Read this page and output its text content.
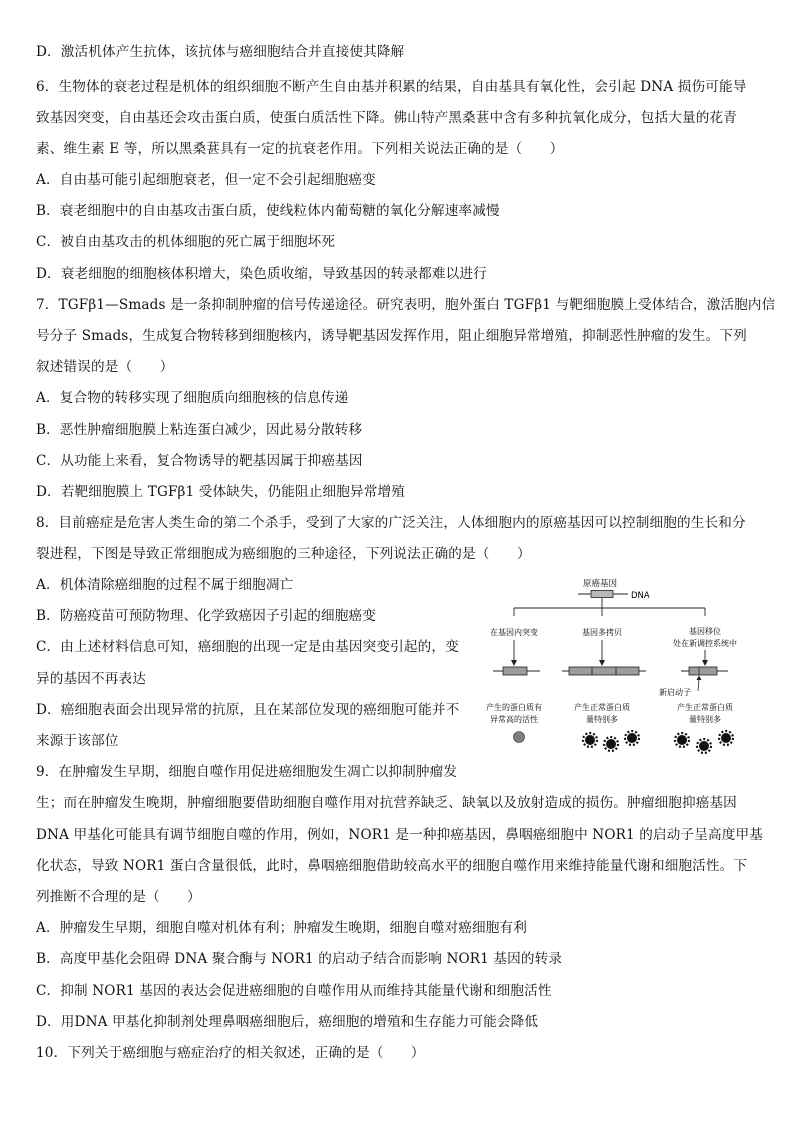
D．激活机体产生抗体，该抗体与癌细胞结合并直接使其降解
6．生物体的衰老过程是机体的组织细胞不断产生自由基并积累的结果，自由基具有氧化性，会引起 DNA 损伤可能导
致基因突变，自由基还会攻击蛋白质，使蛋白质活性下降。佛山特产黑桑葚中含有多种抗氧化成分，包括大量的花青
素、维生素 E 等，所以黑桑葚具有一定的抗衰老作用。下列相关说法正确的是（　　）
A．自由基可能引起细胞衰老，但一定不会引起细胞癌变
B．衰老细胞中的自由基攻击蛋白质，使线粒体内葡萄糖的氧化分解速率减慢
C．被自由基攻击的机体细胞的死亡属于细胞坏死
D．衰老细胞的细胞核体积增大，染色质收缩，导致基因的转录都难以进行
7．TGFβ1—Smads 是一条抑制肿瘤的信号传递途径。研究表明，胞外蛋白 TGFβ1 与靶细胞膜上受体结合，激活胞内信
号分子 Smads，生成复合物转移到细胞核内，诱导靶基因发挥作用，阻止细胞异常增殖，抑制恶性肿瘤的发生。下列
叙述错误的是（　　）
A．复合物的转移实现了细胞质向细胞核的信息传递
B．恶性肿瘤细胞膜上粘连蛋白减少，因此易分散转移
C．从功能上来看，复合物诱导的靶基因属于抑癌基因
D．若靶细胞膜上 TGFβ1 受体缺失，仍能阻止细胞异常增殖
8．目前癌症是危害人类生命的第二个杀手，受到了大家的广泛关注，人体细胞内的原癌基因可以控制细胞的生长和分
裂进程，下图是导致正常细胞成为癌细胞的三种途径，下列说法正确的是（　　）
A．机体清除癌细胞的过程不属于细胞凋亡
B．防癌疫苗可预防物理、化学致癌因子引起的细胞癌变
C．由上述材料信息可知，癌细胞的出现一定是由基因突变引起的，变
异的基因不再表达
D．癌细胞表面会出现异常的抗原，且在某部位发现的癌细胞可能并不
来源于该部位
9．在肿瘤发生早期，细胞自噬作用促进癌细胞发生凋亡以抑制肿瘤发
生；而在肿瘤发生晚期，肿瘤细胞要借助细胞自噬作用对抗营养缺乏、缺氧以及放射造成的损伤。肿瘤细胞抑癌基因
DNA 甲基化可能具有调节细胞自噬的作用，例如，NOR1 是一种抑癌基因，鼻咽癌细胞中 NOR1 的启动子呈高度甲基
化状态，导致 NOR1 蛋白含量很低，此时，鼻咽癌细胞借助较高水平的细胞自噬作用来维持能量代谢和细胞活性。下
列推断不合理的是（　　）
A．肿瘤发生早期，细胞自噬对机体有利；肿瘤发生晚期，细胞自噬对癌细胞有利
B．高度甲基化会阻碍 DNA 聚合酶与 NOR1 的启动子结合而影响 NOR1 基因的转录
C．抑制 NOR1 基因的表达会促进癌细胞的自噬作用从而维持其能量代谢和细胞活性
D．用DNA 甲基化抑制剂处理鼻咽癌细胞后，癌细胞的增殖和生存能力可能会降低
10．下列关于癌细胞与癌症治疗的相关叙述，正确的是（　　）
原癌基因
DNA
在基因内突变	基因多拷贝	基因移位
处在新调控系统中
新启动子
产生的蛋白质有
异常高的活性
产生正常蛋白质
量特别多
产生正常蛋白质
量特别多
